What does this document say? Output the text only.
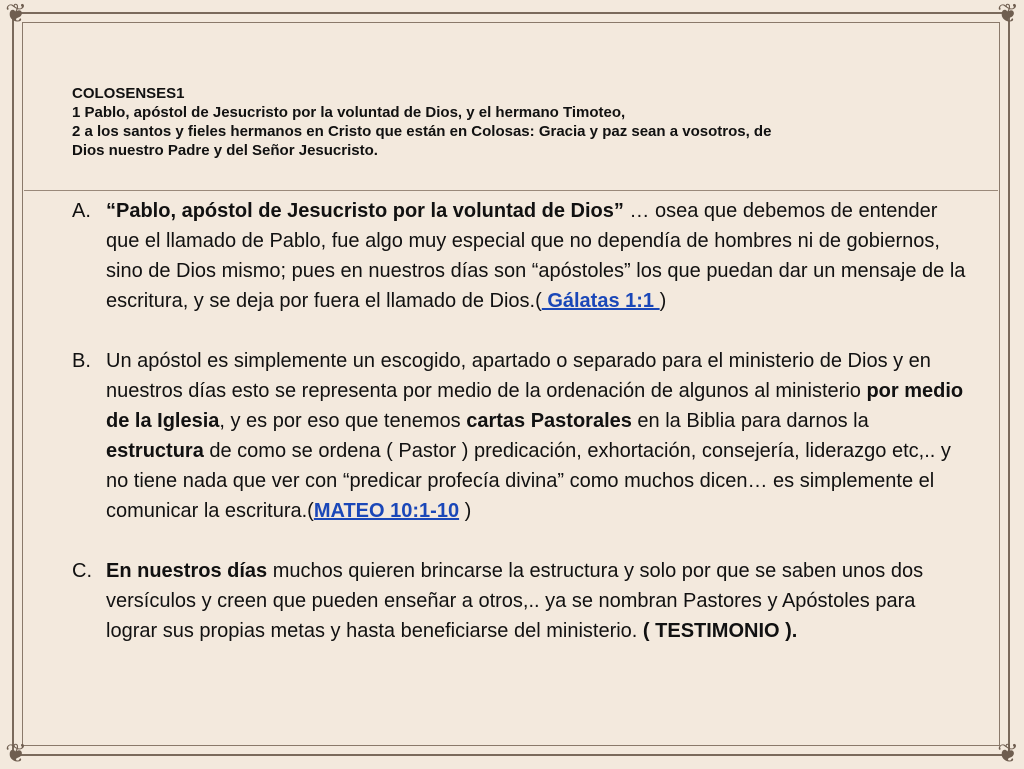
❦	❦
❦	❦
COLOSENSES1
1 Pablo, apóstol de Jesucristo por la voluntad de Dios, y el hermano Timoteo,
2 a los santos y fieles hermanos en Cristo que están en Colosas: Gracia y paz sean a vosotros, de
Dios nuestro Padre y del Señor Jesucristo.
A. “Pablo, apóstol de Jesucristo por la voluntad de Dios” … osea que debemos de entender que el llamado de Pablo, fue algo muy especial que no dependía de hombres ni de gobiernos, sino de Dios mismo; pues en nuestros días son “apóstoles” los que puedan dar un mensaje de la escritura, y se deja por fuera el llamado de Dios.( Gálatas 1:1 )

B. Un apóstol es simplemente un escogido, apartado o separado para el ministerio de Dios y en nuestros días esto se representa por medio de la ordenación de algunos al ministerio por medio de la Iglesia, y es por eso que tenemos cartas Pastorales en la Biblia para darnos la estructura de como se ordena ( Pastor ) predicación, exhortación, consejería, liderazgo etc,.. y no tiene nada que ver con “predicar profecía divina” como muchos dicen… es simplemente el comunicar la escritura.(MATEO 10:1-10 )

C. En nuestros días muchos quieren brincarse la estructura y solo por que se saben unos dos versículos y creen que pueden enseñar a otros,.. ya se nombran Pastores y Apóstoles para lograr sus propias metas y hasta beneficiarse del ministerio. ( TESTIMONIO ).
